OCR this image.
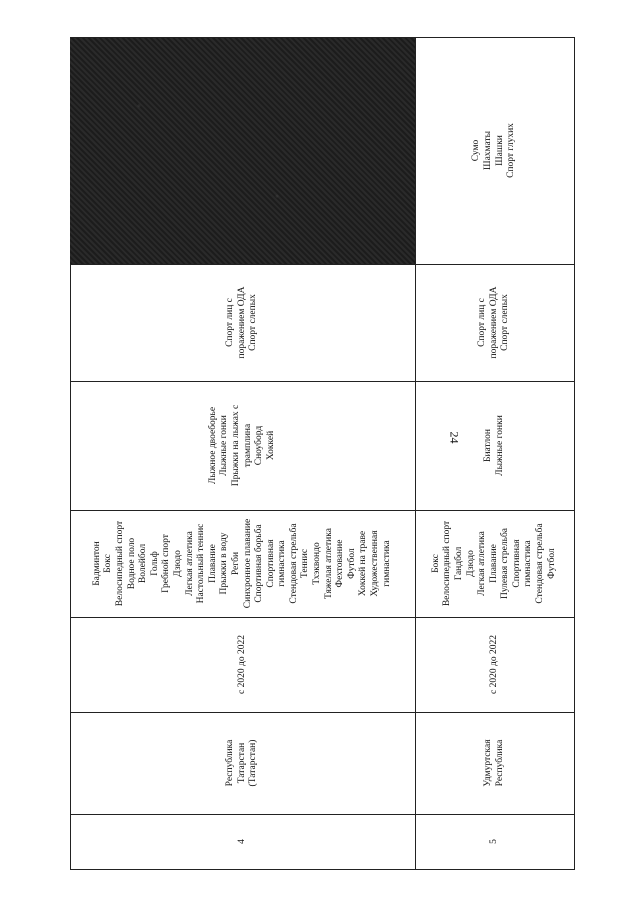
24
4
Республика Татарстан (Татарстан)
с 2020 до 2022
Бадминтон Бокс Велосипедный спорт Водное поло Волейбол Гольф Гребной спорт Дзюдо Легкая атлетика Настольный теннис Плавание Прыжки в воду Регби Синхронное плавание Спортивная борьба Спортивная гимнастика Стендовая стрельба Теннис Тхэквондо Тяжелая атлетика Фехтование Футбол Хоккей на траве Художественная гимнастика
Лыжное двоеборье Лыжные гонки Прыжки на лыжах с трамплина Сноуборд Хоккей
Спорт лиц с поражением ОДА Спорт слепых
5
Удмуртская Республика
с 2020 до 2022
Бокс Велосипедный спорт Гандбол Дзюдо Легкая атлетика Плавание Пулевая стрельба Спортивная гимнастика Стендовая стрельба Футбол
Биатлон Лыжные гонки
Спорт лиц с поражением ОДА Спорт слепых
Сумо Шахматы Шашки Спорт глухих
